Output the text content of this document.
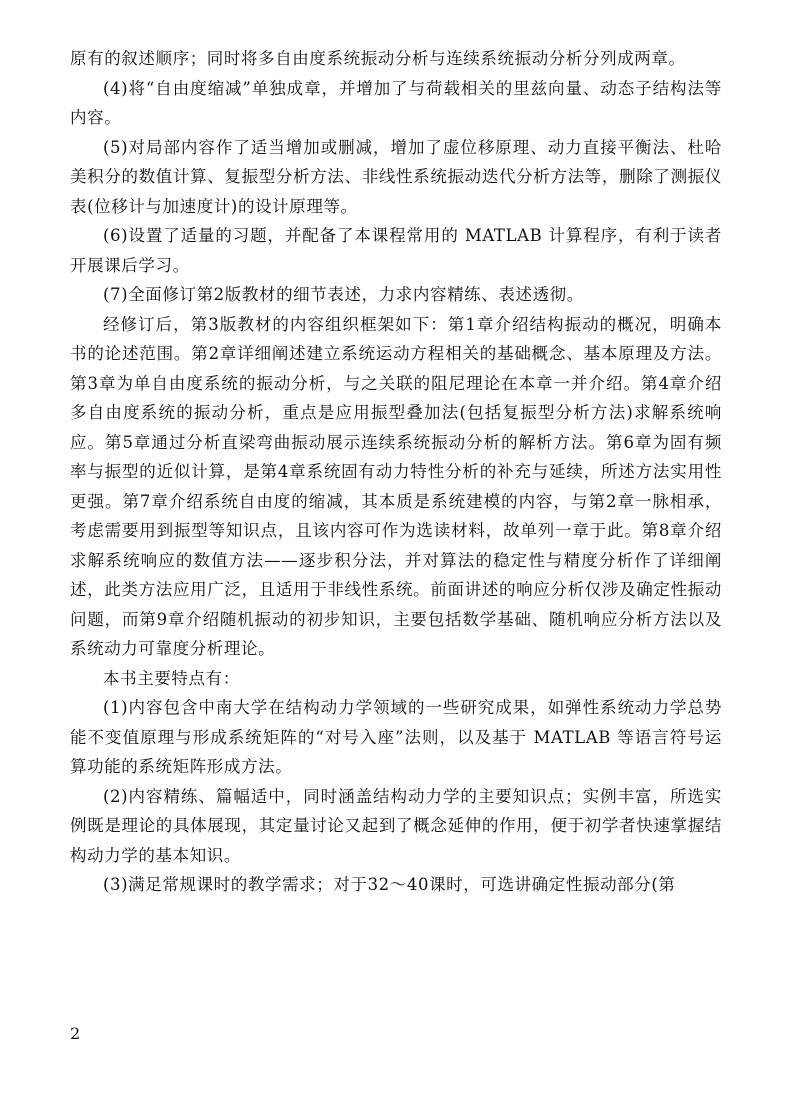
原有的叙述顺序；同时将多自由度系统振动分析与连续系统振动分析分列成两章。

(4)将“自由度缩减”单独成章，并增加了与荷载相关的里兹向量、动态子结构法等内容。

(5)对局部内容作了适当增加或删减，增加了虚位移原理、动力直接平衡法、杜哈美积分的数值计算、复振型分析方法、非线性系统振动迭代分析方法等，删除了测振仪表(位移计与加速度计)的设计原理等。

(6)设置了适量的习题，并配备了本课程常用的 MATLAB 计算程序，有利于读者开展课后学习。

(7)全面修订第2版教材的细节表述，力求内容精练、表述透彻。

经修订后，第3版教材的内容组织框架如下：第1章介绍结构振动的概况，明确本书的论述范围。第2章详细阐述建立系统运动方程相关的基础概念、基本原理及方法。第3章为单自由度系统的振动分析，与之关联的阻尼理论在本章一并介绍。第4章介绍多自由度系统的振动分析，重点是应用振型叠加法(包括复振型分析方法)求解系统响应。第5章通过分析直梁弯曲振动展示连续系统振动分析的解析方法。第6章为固有频率与振型的近似计算，是第4章系统固有动力特性分析的补充与延续，所述方法实用性更强。第7章介绍系统自由度的缩减，其本质是系统建模的内容，与第2章一脉相承，考虑需要用到振型等知识点，且该内容可作为选读材料，故单列一章于此。第8章介绍求解系统响应的数值方法——逐步积分法，并对算法的稳定性与精度分析作了详细阐述，此类方法应用广泛，且适用于非线性系统。前面讲述的响应分析仅涉及确定性振动问题，而第9章介绍随机振动的初步知识，主要包括数学基础、随机响应分析方法以及系统动力可靠度分析理论。

本书主要特点有：

(1)内容包含中南大学在结构动力学领域的一些研究成果，如弹性系统动力学总势能不变值原理与形成系统矩阵的“对号入座”法则，以及基于 MATLAB 等语言符号运算功能的系统矩阵形成方法。

(2)内容精练、篇幅适中，同时涵盖结构动力学的主要知识点；实例丰富，所选实例既是理论的具体展现，其定量讨论又起到了概念延伸的作用，便于初学者快速掌握结构动力学的基本知识。

(3)满足常规课时的教学需求；对于32～40课时，可选讲确定性振动部分(第

2
